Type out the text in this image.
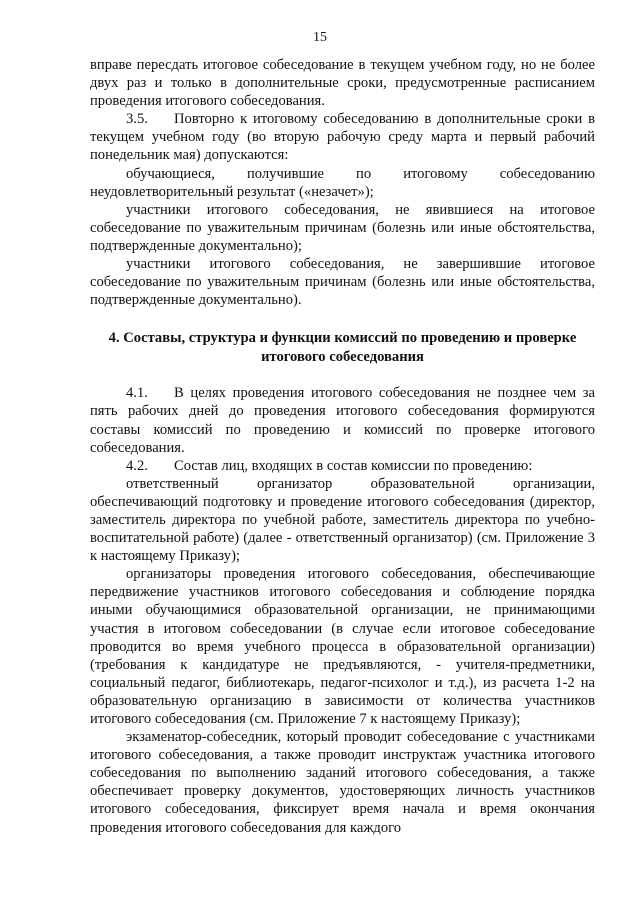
15

вправе пересдать итоговое собеседование в текущем учебном году, но не более двух раз и только в дополнительные сроки, предусмотренные расписанием проведения итогового собеседования.

3.5. Повторно к итоговому собеседованию в дополнительные сроки в текущем учебном году (во вторую рабочую среду марта и первый рабочий понедельник мая) допускаются:

обучающиеся, получившие по итоговому собеседованию неудовлетворительный результат («незачет»);

участники итогового собеседования, не явившиеся на итоговое собеседование по уважительным причинам (болезнь или иные обстоятельства, подтвержденные документально);

участники итогового собеседования, не завершившие итоговое собеседование по уважительным причинам (болезнь или иные обстоятельства, подтвержденные документально).

4. Составы, структура и функции комиссий по проведению и проверке итогового собеседования

4.1. В целях проведения итогового собеседования не позднее чем за пять рабочих дней до проведения итогового собеседования формируются составы комиссий по проведению и комиссий по проверке итогового собеседования.

4.2. Состав лиц, входящих в состав комиссии по проведению:

ответственный организатор образовательной организации, обеспечивающий подготовку и проведение итогового собеседования (директор, заместитель директора по учебной работе, заместитель директора по учебно-воспитательной работе) (далее - ответственный организатор) (см. Приложение 3 к настоящему Приказу);

организаторы проведения итогового собеседования, обеспечивающие передвижение участников итогового собеседования и соблюдение порядка иными обучающимися образовательной организации, не принимающими участия в итоговом собеседовании (в случае если итоговое собеседование проводится во время учебного процесса в образовательной организации) (требования к кандидатуре не предъявляются, - учителя-предметники, социальный педагог, библиотекарь, педагог-психолог и т.д.), из расчета 1-2 на образовательную организацию в зависимости от количества участников итогового собеседования (см. Приложение 7 к настоящему Приказу);

экзаменатор-собеседник, который проводит собеседование с участниками итогового собеседования, а также проводит инструктаж участника итогового собеседования по выполнению заданий итогового собеседования, а также обеспечивает проверку документов, удостоверяющих личность участников итогового собеседования, фиксирует время начала и время окончания проведения итогового собеседования для каждого
